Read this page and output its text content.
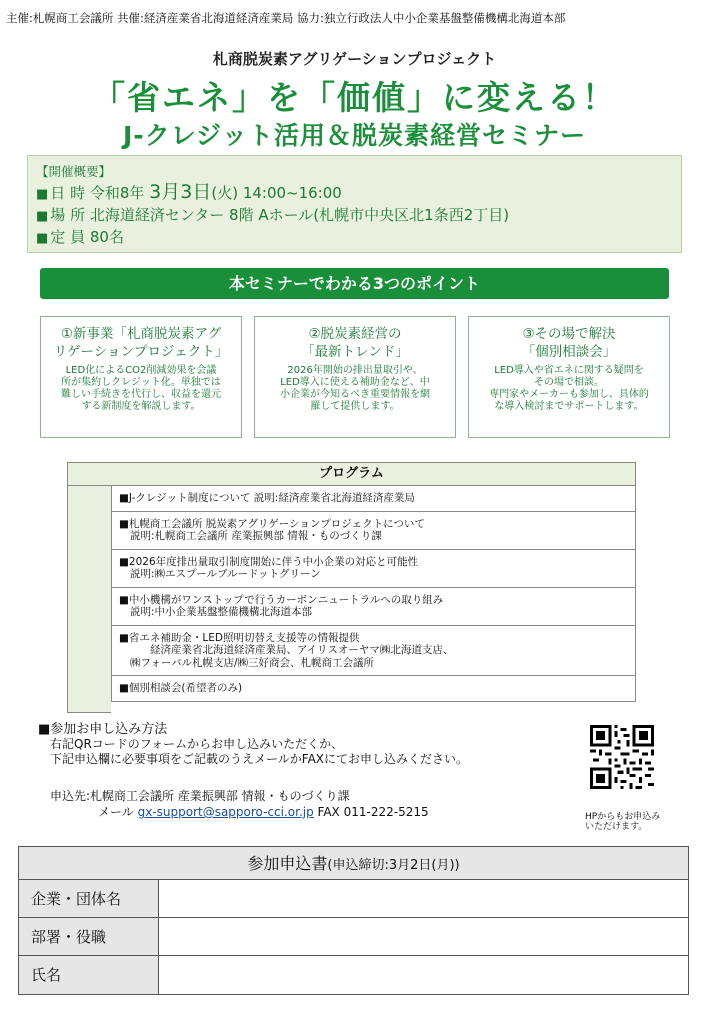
主催:札幌商工会議所 共催:経済産業省北海道経済産業局 協力:独立行政法人中小企業基盤整備機構北海道本部
札商脱炭素アグリゲーションプロジェクト
「省エネ」を「価値」に変える！
J-クレジット活用＆脱炭素経営セミナー
【開催概要】
■ 日 時 令和8年 3月3日(火) 14:00~16:00
■ 場 所 北海道経済センター 8階 Aホール(札幌市中央区北1条西2丁目)
■ 定 員 80名
本セミナーでわかる3つのポイント
①新事業「札商脱炭素アグ
リゲーションプロジェクト」
LED化によるCO2削減効果を会議
所が集約しクレジット化。単独では
難しい手続きを代行し、収益を還元
する新制度を解説します。
②脱炭素経営の
「最新トレンド」
2026年開始の排出量取引や、
LED導入に使える補助金など、中
小企業が今知るべき重要情報を網
羅して提供します。
③その場で解決
「個別相談会」
LED導入や省エネに関する疑問を
その場で相談。
専門家やメーカーも参加し、具体的
な導入検討までサポートします。
プログラム
■J-クレジット制度について 説明:経済産業省北海道経済産業局
■札幌商工会議所 脱炭素アグリゲーションプロジェクトについて
説明:札幌商工会議所 産業振興部 情報・ものづくり課
■2026年度排出量取引制度開始に伴う中小企業の対応と可能性
説明:㈱エスプールブルードットグリーン
■中小機構がワンストップで行うカーボンニュートラルへの取り組み
説明:中小企業基盤整備機構北海道本部
■省エネ補助金・LED照明切替え支援等の情報提供
経済産業省北海道経済産業局、アイリスオーヤマ㈱北海道支店、
㈱フォーバル札幌支店/㈱三好商会、札幌商工会議所
■個別相談会(希望者のみ)
■参加お申し込み方法
右記QRコードのフォームからお申し込みいただくか、
下記申込欄に必要事項をご記載のうえメールかFAXにてお申し込みください。
申込先:札幌商工会議所 産業振興部 情報・ものづくり課
メール gx-support@sapporo-cci.or.jp FAX 011-222-5215	HPからもお申込み
いただけます。
参加申込書(申込締切:3月2日(月))
企業・団体名
部署・役職
氏名
